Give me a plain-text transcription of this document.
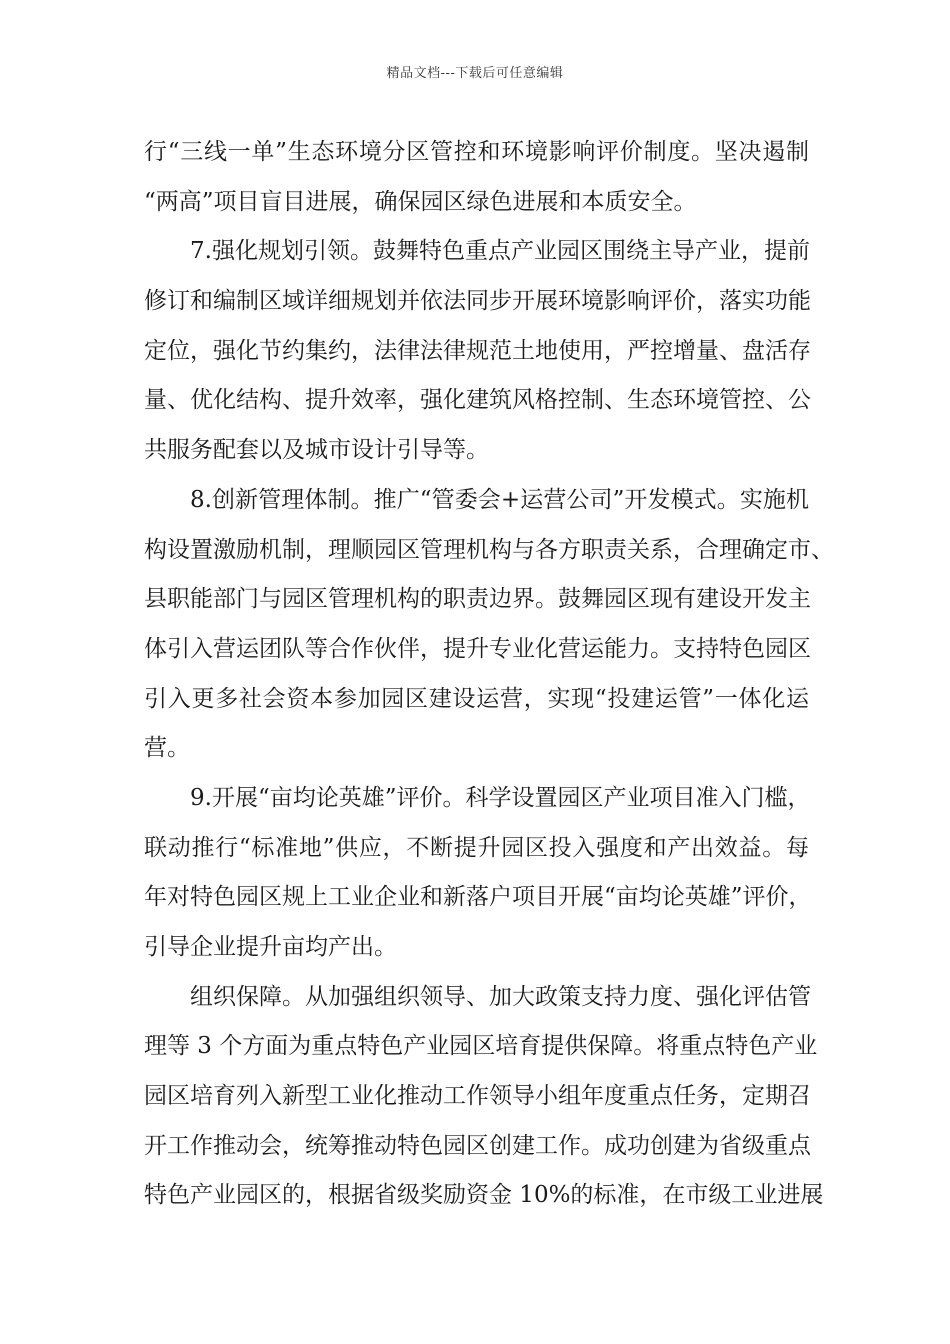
精品文档---下载后可任意编辑
行“三线一单”生态环境分区管控和环境影响评价制度。坚决遏制
“两高”项目盲目进展，确保园区绿色进展和本质安全。
7.强化规划引领。鼓舞特色重点产业园区围绕主导产业，提前
修订和编制区域详细规划并依法同步开展环境影响评价，落实功能
定位，强化节约集约，法律法律规范土地使用，严控增量、盘活存
量、优化结构、提升效率，强化建筑风格控制、生态环境管控、公
共服务配套以及城市设计引导等。
8.创新管理体制。推广“管委会+运营公司”开发模式。实施机
构设置激励机制，理顺园区管理机构与各方职责关系，合理确定市、
县职能部门与园区管理机构的职责边界。鼓舞园区现有建设开发主
体引入营运团队等合作伙伴，提升专业化营运能力。支持特色园区
引入更多社会资本参加园区建设运营，实现“投建运管”一体化运
营。
9.开展“亩均论英雄”评价。科学设置园区产业项目准入门槛，
联动推行“标准地”供应，不断提升园区投入强度和产出效益。每
年对特色园区规上工业企业和新落户项目开展“亩均论英雄”评价，
引导企业提升亩均产出。
组织保障。从加强组织领导、加大政策支持力度、强化评估管
理等 3 个方面为重点特色产业园区培育提供保障。将重点特色产业
园区培育列入新型工业化推动工作领导小组年度重点任务，定期召
开工作推动会，统筹推动特色园区创建工作。成功创建为省级重点
特色产业园区的，根据省级奖励资金 10%的标准，在市级工业进展
